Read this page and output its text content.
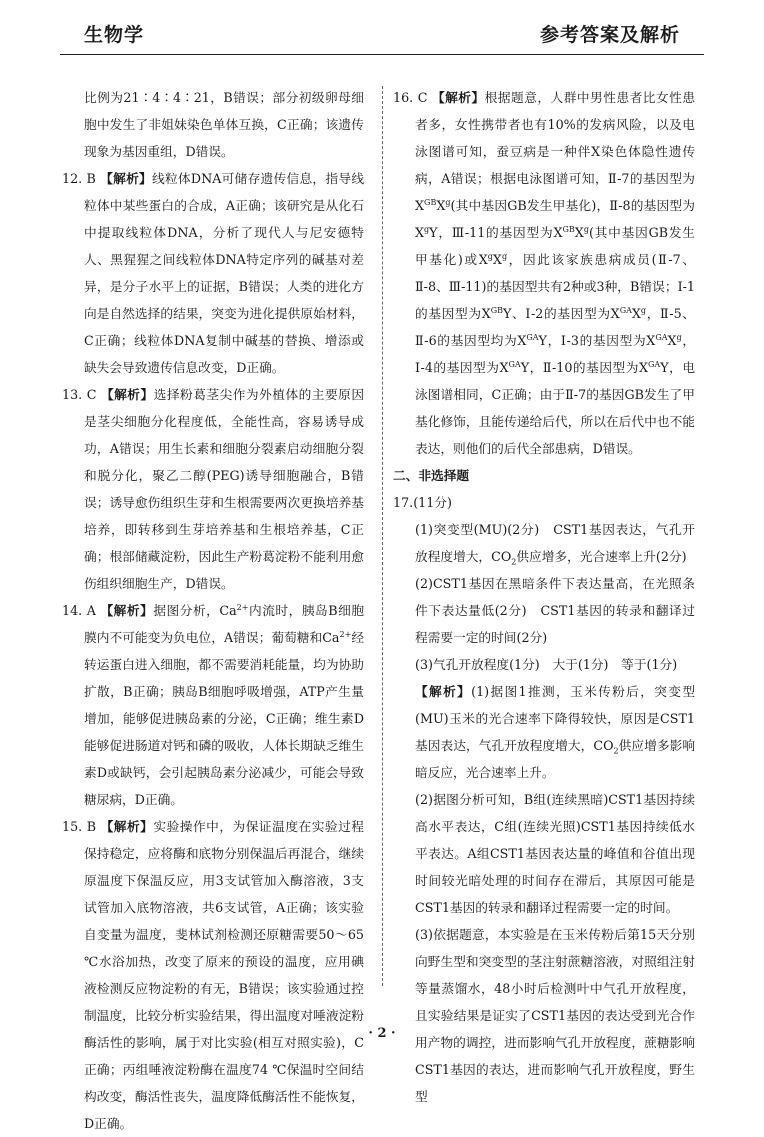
生物学	参考答案及解析

比例为21∶4∶4∶21，B错误；部分初级卵母细胞中发生了非姐妹染色单体互换，C正确；该遗传现象为基因重组，D错误。

12. B 【解析】线粒体DNA可储存遗传信息，指导线粒体中某些蛋白的合成，A正确；该研究是从化石中提取线粒体DNA，分析了现代人与尼安德特人、黑猩猩之间线粒体DNA特定序列的碱基对差异，是分子水平上的证据，B错误；人类的进化方向是自然选择的结果，突变为进化提供原始材料，C正确；线粒体DNA复制中碱基的替换、增添或缺失会导致遗传信息改变，D正确。

13. C 【解析】选择粉葛茎尖作为外植体的主要原因是茎尖细胞分化程度低，全能性高，容易诱导成功，A错误；用生长素和细胞分裂素启动细胞分裂和脱分化，聚乙二醇(PEG)诱导细胞融合，B错误；诱导愈伤组织生芽和生根需要两次更换培养基培养，即转移到生芽培养基和生根培养基，C正确；根部储藏淀粉，因此生产粉葛淀粉不能利用愈伤组织细胞生产，D错误。

14. A 【解析】据图分析，$Ca^{2+}$内流时，胰岛B细胞膜内不可能变为负电位，A错误；葡萄糖和$Ca^{2+}$经转运蛋白进入细胞，都不需要消耗能量，均为协助扩散，B正确；胰岛B细胞呼吸增强，ATP产生量增加，能够促进胰岛素的分泌，C正确；维生素D能够促进肠道对钙和磷的吸收，人体长期缺乏维生素D或缺钙，会引起胰岛素分泌减少，可能会导致糖尿病，D正确。

15. B 【解析】实验操作中，为保证温度在实验过程保持稳定，应将酶和底物分别保温后再混合，继续原温度下保温反应，用3支试管加入酶溶液，3支试管加入底物溶液，共6支试管，A正确；该实验自变量为温度，斐林试剂检测还原糖需要50～65 ℃水浴加热，改变了原来的预设的温度，应用碘液检测反应物淀粉的有无，B错误；该实验通过控制温度，比较分析实验结果，得出温度对唾液淀粉酶活性的影响，属于对比实验(相互对照实验)，C正确；丙组唾液淀粉酶在温度74 ℃保温时空间结构改变，酶活性丧失，温度降低酶活性不能恢复，D正确。

16. C 【解析】根据题意，人群中男性患者比女性患者多，女性携带者也有10%的发病风险，以及电泳图谱可知，蚕豆病是一种伴X染色体隐性遗传病，A错误；根据电泳图谱可知，Ⅱ-7的基因型为$X^{GB}X^g$(其中基因GB发生甲基化)，Ⅱ-8的基因型为$X^gY$，Ⅲ-11的基因型为$X^{GB}X^g$(其中基因GB发生甲基化)或$X^gX^g$，因此该家族患病成员(Ⅱ-7、Ⅱ-8、Ⅲ-11)的基因型共有2种或3种，B错误；Ⅰ-1的基因型为$X^{GB}Y$、Ⅰ-2的基因型为$X^{GA}X^g$，Ⅱ-5、Ⅱ-6的基因型均为$X^{GA}Y$，Ⅰ-3的基因型为$X^{GA}X^g$，Ⅰ-4的基因型为$X^{GA}Y$，Ⅱ-10的基因型为$X^{GA}Y$，电泳图谱相同，C正确；由于Ⅱ-7的基因GB发生了甲基化修饰，且能传递给后代，所以在后代中也不能表达，则他们的后代全部患病，D错误。

二、非选择题

17.(11分)

(1)突变型(MU)(2分)　CST1基因表达，气孔开放程度增大，$CO_2$供应增多，光合速率上升(2分)

(2)CST1基因在黑暗条件下表达量高，在光照条件下表达量低(2分)　CST1基因的转录和翻译过程需要一定的时间(2分)

(3)气孔开放程度(1分)　大于(1分)　等于(1分)

【解析】(1)据图1推测，玉米传粉后，突变型(MU)玉米的光合速率下降得较快，原因是CST1基因表达，气孔开放程度增大，$CO_2$供应增多影响暗反应，光合速率上升。

(2)据图分析可知，B组(连续黑暗)CST1基因持续高水平表达，C组(连续光照)CST1基因持续低水平表达。A组CST1基因表达量的峰值和谷值出现时间较光暗处理的时间存在滞后，其原因可能是CST1基因的转录和翻译过程需要一定的时间。

(3)依据题意，本实验是在玉米传粉后第15天分别向野生型和突变型的茎注射蔗糖溶液，对照组注射等量蒸馏水，48小时后检测叶中气孔开放程度，且实验结果是证实了CST1基因的表达受到光合作用产物的调控，进而影响气孔开放程度，蔗糖影响CST1基因的表达，进而影响气孔开放程度，野生型

· 2 ·
